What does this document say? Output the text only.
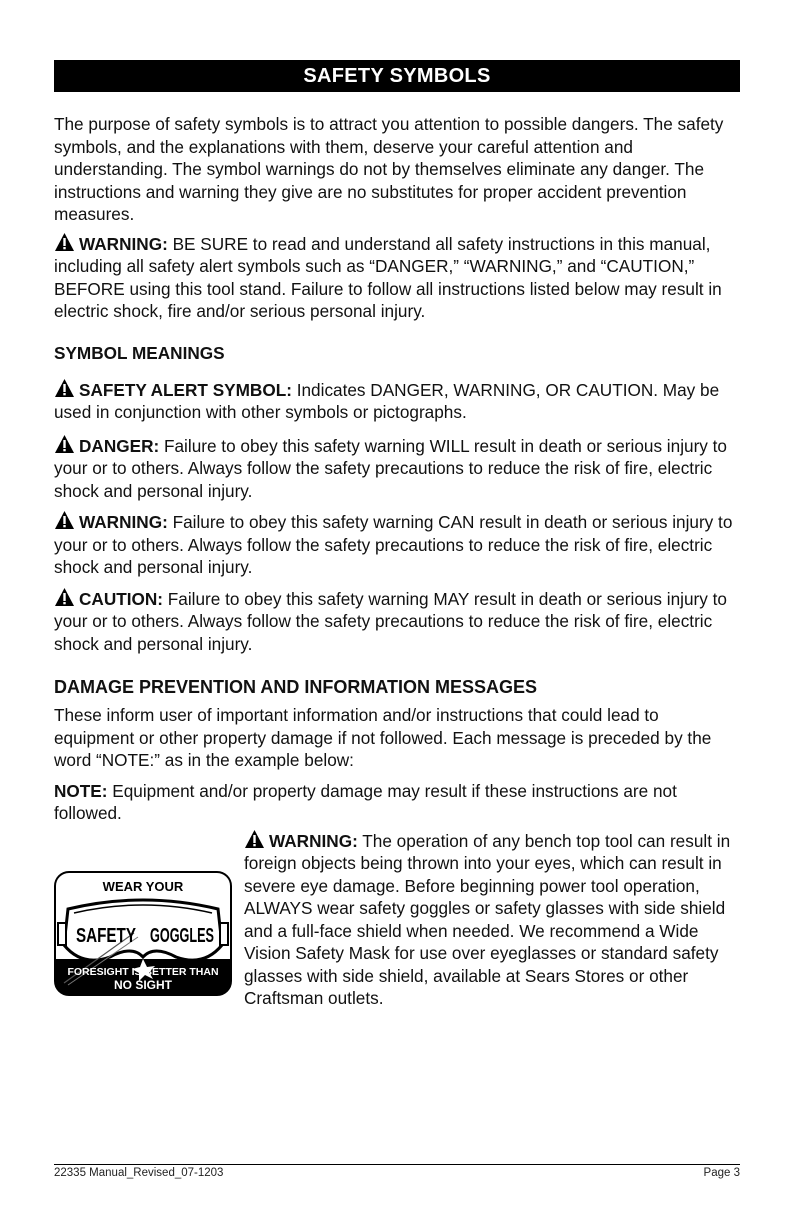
SAFETY SYMBOLS

The purpose of safety symbols is to attract you attention to possible dangers. The safety symbols, and the explanations with them, deserve your careful attention and understanding. The symbol warnings do not by themselves eliminate any danger. The instructions and warning they give are no substitutes for proper accident prevention measures.

WARNING: BE SURE to read and understand all safety instructions in this manual, including all safety alert symbols such as “DANGER,” “WARNING,” and “CAUTION,” BEFORE using this tool stand. Failure to follow all instructions listed below may result in electric shock, fire and/or serious personal injury.

SYMBOL MEANINGS

SAFETY ALERT SYMBOL: Indicates DANGER, WARNING, OR CAUTION. May be used in conjunction with other symbols or pictographs.

DANGER: Failure to obey this safety warning WILL result in death or serious injury to your or to others. Always follow the safety precautions to reduce the risk of fire, electric shock and personal injury.

WARNING: Failure to obey this safety warning CAN result in death or serious injury to your or to others. Always follow the safety precautions to reduce the risk of fire, electric shock and personal injury.

CAUTION: Failure to obey this safety warning MAY result in death or serious injury to your or to others. Always follow the safety precautions to reduce the risk of fire, electric shock and personal injury.

DAMAGE PREVENTION AND INFORMATION MESSAGES

These inform user of important information and/or instructions that could lead to equipment or other property damage if not followed. Each message is preceded by the word “NOTE:” as in the example below:

NOTE: Equipment and/or property damage may result if these instructions are not followed.

WEAR YOUR
SAFETY GOGGLES
FORESIGHT IS BETTER THAN
NO SIGHT

WARNING: The operation of any bench top tool can result in foreign objects being thrown into your eyes, which can result in severe eye damage. Before beginning power tool operation, ALWAYS wear safety goggles or safety glasses with side shield and a full-face shield when needed. We recommend a Wide Vision Safety Mask for use over eyeglasses or standard safety glasses with side shield, available at Sears Stores or other Craftsman outlets.

22335 Manual_Revised_07-1203	Page 3
